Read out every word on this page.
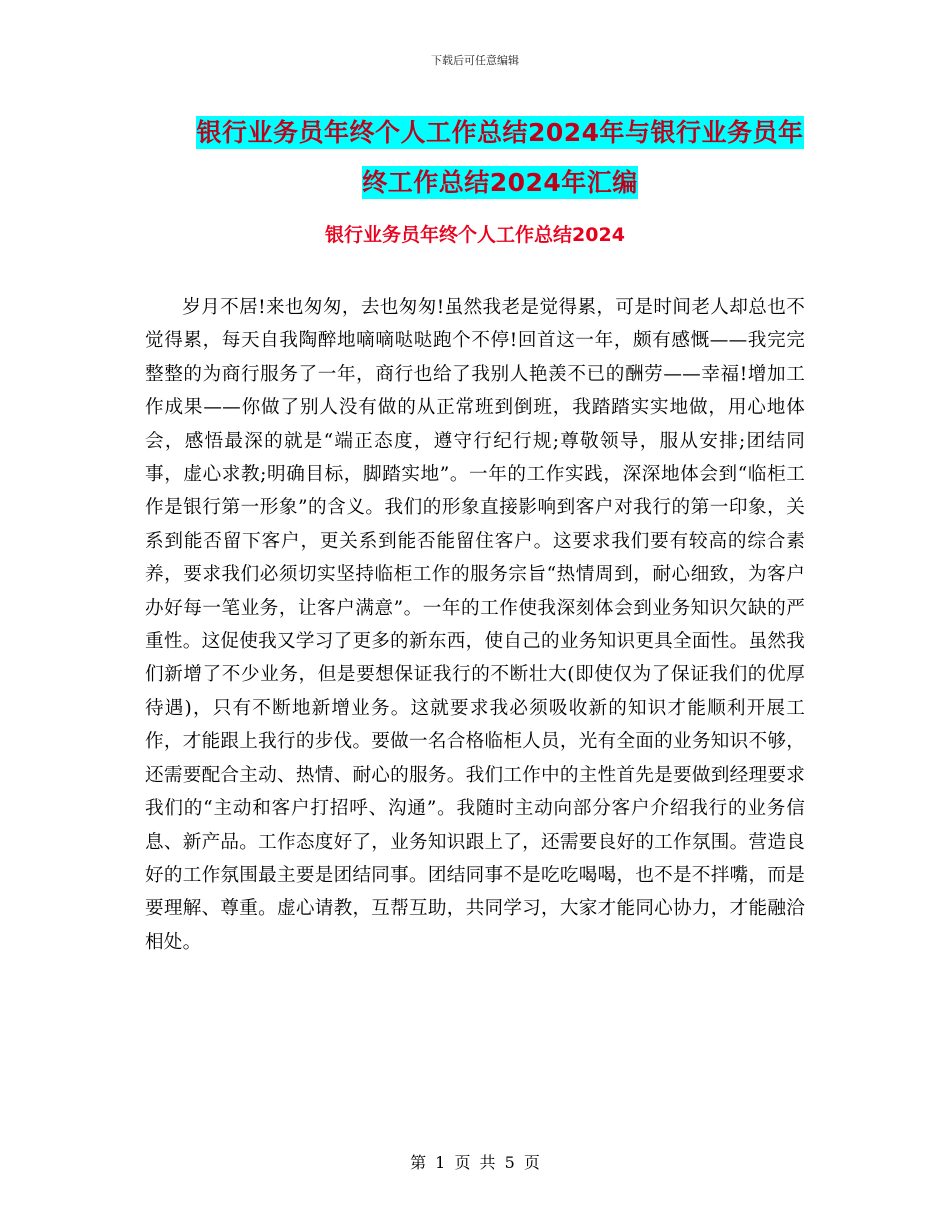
下载后可任意编辑
银行业务员年终个人工作总结2024年与银行业务员年
终工作总结2024年汇编
银行业务员年终个人工作总结2024

岁月不居!来也匆匆，去也匆匆!虽然我老是觉得累，可是时间老人却总也不觉得累，每天自我陶醉地嘀嘀哒哒跑个不停!回首这一年，颇有感慨——我完完整整的为商行服务了一年，商行也给了我别人艳羡不已的酬劳——幸福!增加工作成果——你做了别人没有做的从正常班到倒班，我踏踏实实地做，用心地体会，感悟最深的就是“端正态度，遵守行纪行规;尊敬领导，服从安排;团结同事，虚心求教;明确目标，脚踏实地”。一年的工作实践，深深地体会到“临柜工作是银行第一形象”的含义。我们的形象直接影响到客户对我行的第一印象，关系到能否留下客户，更关系到能否能留住客户。这要求我们要有较高的综合素养，要求我们必须切实坚持临柜工作的服务宗旨“热情周到，耐心细致，为客户办好每一笔业务，让客户满意”。一年的工作使我深刻体会到业务知识欠缺的严重性。这促使我又学习了更多的新东西，使自己的业务知识更具全面性。虽然我们新增了不少业务，但是要想保证我行的不断壮大(即使仅为了保证我们的优厚待遇)，只有不断地新增业务。这就要求我必须吸收新的知识才能顺利开展工作，才能跟上我行的步伐。要做一名合格临柜人员，光有全面的业务知识不够，还需要配合主动、热情、耐心的服务。我们工作中的主性首先是要做到经理要求我们的“主动和客户打招呼、沟通”。我随时主动向部分客户介绍我行的业务信息、新产品。工作态度好了，业务知识跟上了，还需要良好的工作氛围。营造良好的工作氛围最主要是团结同事。团结同事不是吃吃喝喝，也不是不拌嘴，而是要理解、尊重。虚心请教，互帮互助，共同学习，大家才能同心协力，才能融洽相处。

第 1 页 共 5 页
